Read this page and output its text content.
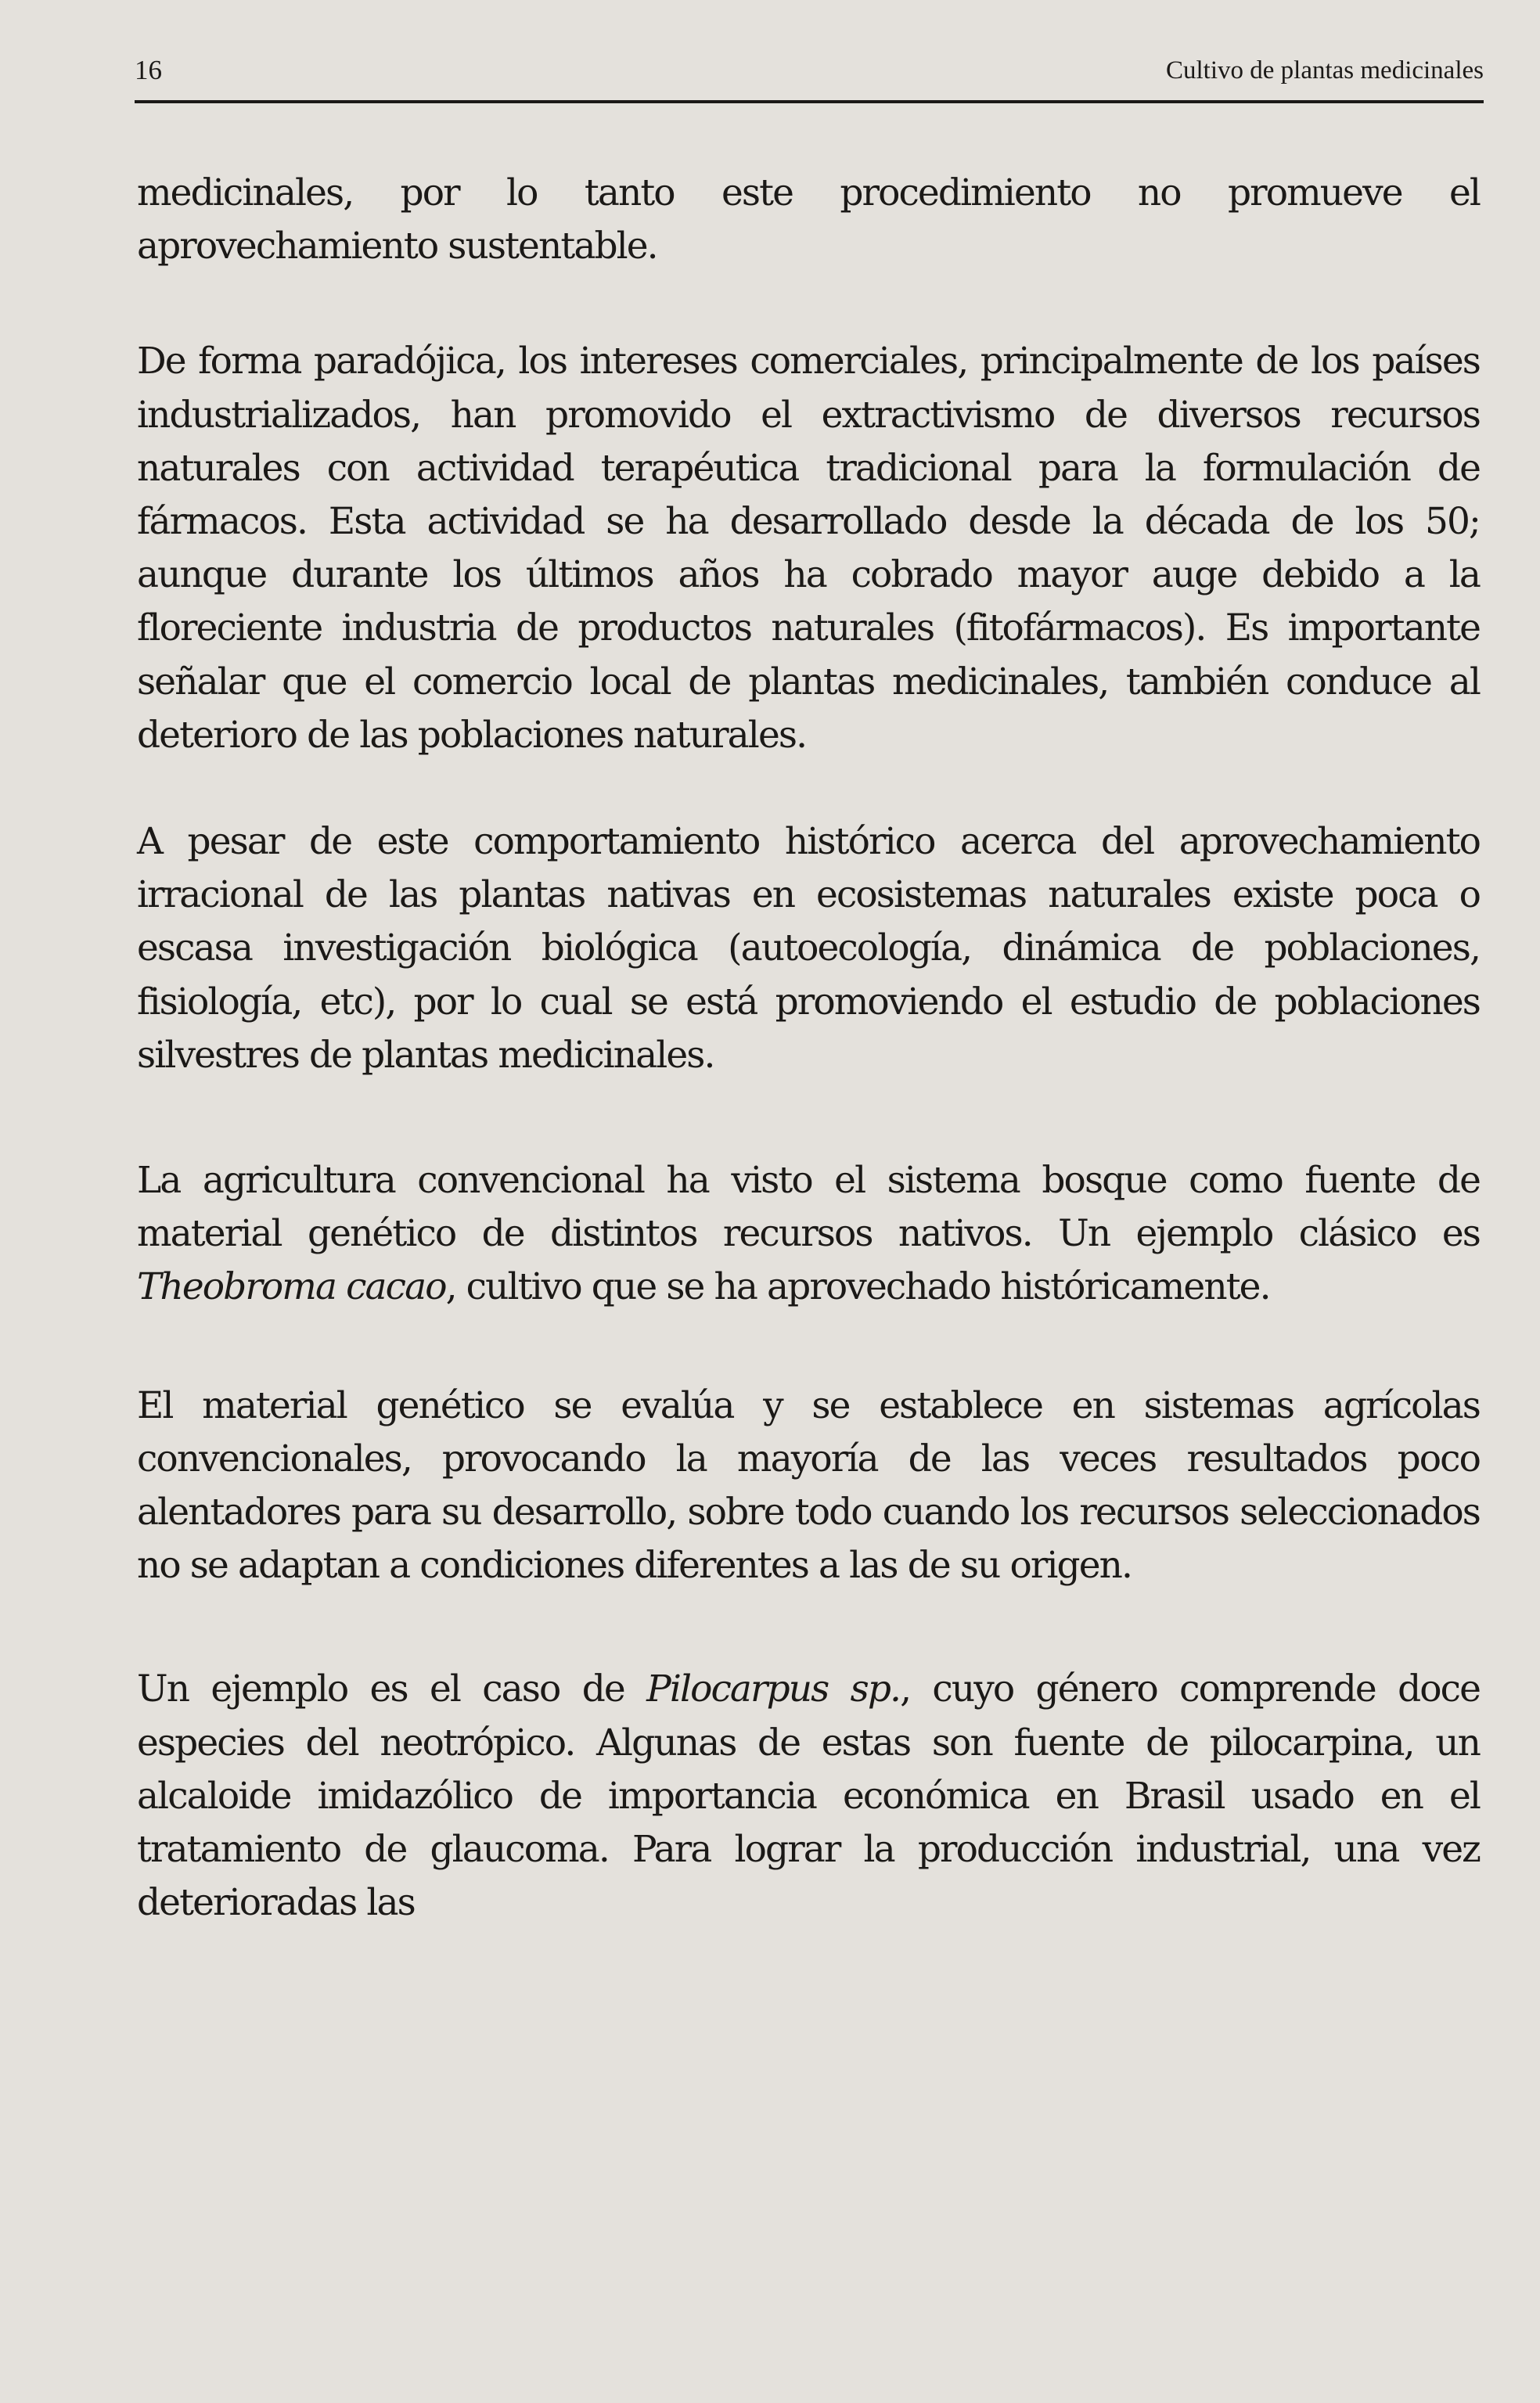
16	Cultivo de plantas medicinales

medicinales, por lo tanto este procedimiento no promueve el aprovechamiento sustentable.

De forma paradójica, los intereses comerciales, principalmente de los países industrializados, han promovido el extractivismo de diversos recursos naturales con actividad terapéutica tradicional para la formulación de fármacos. Esta actividad se ha desarrollado desde la década de los 50; aunque durante los últimos años ha cobrado mayor auge debido a la floreciente industria de productos naturales (fitofármacos). Es importante señalar que el comercio local de plantas medicinales, también conduce al deterioro de las poblaciones naturales.

A pesar de este comportamiento histórico acerca del aprovechamiento irracional de las plantas nativas en ecosistemas naturales existe poca o escasa investigación biológica (autoecología, dinámica de poblaciones, fisiología, etc), por lo cual se está promoviendo el estudio de poblaciones silvestres de plantas medicinales.

La agricultura convencional ha visto el sistema bosque como fuente de material genético de distintos recursos nativos. Un ejemplo clásico es Theobroma cacao, cultivo que se ha aprovechado históricamente.

El material genético se evalúa y se establece en sistemas agrícolas convencionales, provocando la mayoría de las veces resultados poco alentadores para su desarrollo, sobre todo cuando los recursos seleccionados no se adaptan a condiciones diferentes a las de su origen.

Un ejemplo es el caso de Pilocarpus sp., cuyo género comprende doce especies del neotrópico. Algunas de estas son fuente de pilocarpina, un alcaloide imidazólico de importancia económica en Brasil usado en el tratamiento de glaucoma. Para lograr la producción industrial, una vez deterioradas las
